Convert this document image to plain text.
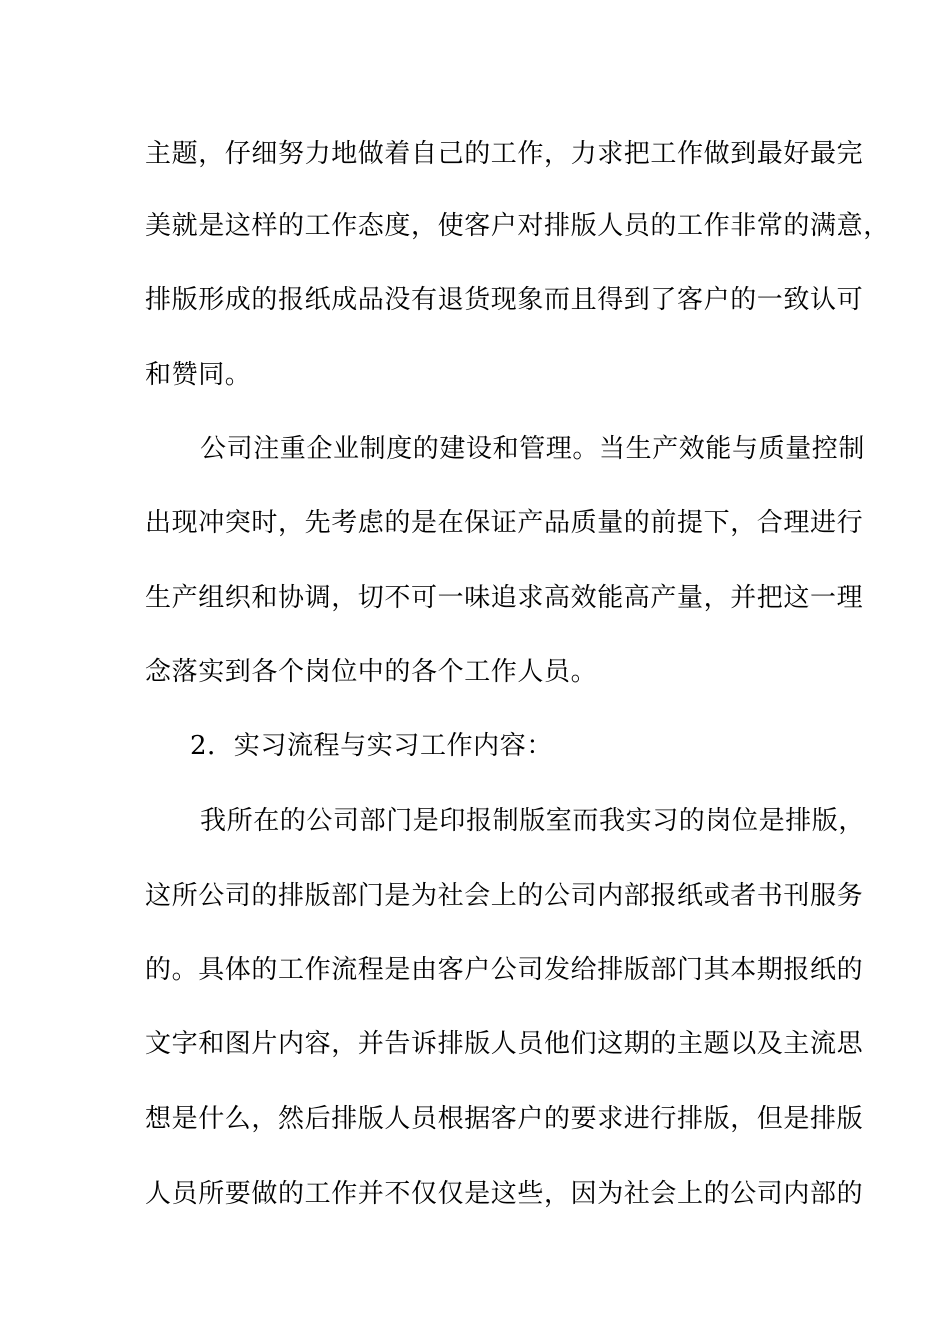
主题，仔细努力地做着自己的工作，力求把工作做到最好最完
美就是这样的工作态度，使客户对排版人员的工作非常的满意，
排版形成的报纸成品没有退货现象而且得到了客户的一致认可
和赞同。
公司注重企业制度的建设和管理。当生产效能与质量控制
出现冲突时，先考虑的是在保证产品质量的前提下，合理进行
生产组织和协调，切不可一味追求高效能高产量，并把这一理
念落实到各个岗位中的各个工作人员。
2．实习流程与实习工作内容：
我所在的公司部门是印报制版室而我实习的岗位是排版，
这所公司的排版部门是为社会上的公司内部报纸或者书刊服务
的。具体的工作流程是由客户公司发给排版部门其本期报纸的
文字和图片内容，并告诉排版人员他们这期的主题以及主流思
想是什么，然后排版人员根据客户的要求进行排版，但是排版
人员所要做的工作并不仅仅是这些，因为社会上的公司内部的
